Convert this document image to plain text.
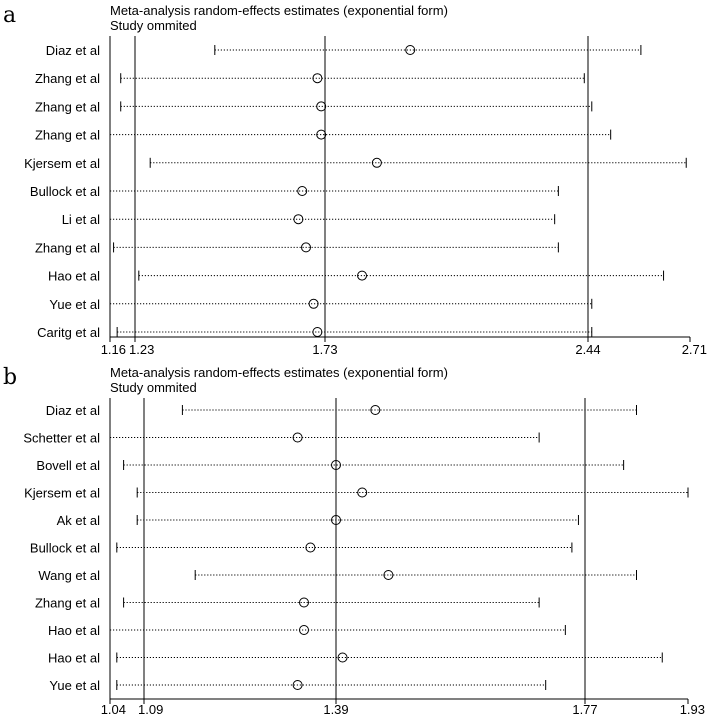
a	Meta-analysis random-effects estimates (exponential form)
Study ommited
1.16 1.23	1.73	2.44	2.71
Diaz et al
Zhang et al
Zhang et al
Zhang et al
Kjersem et al
Bullock et al
Li et al
Zhang et al
Hao et al
Yue et al
Caritg et al
b	Meta-analysis random-effects estimates (exponential form)
Study ommited
1.04 1.09	1.39	1.77	1.93
Diaz et al
Schetter et al
Bovell et al
Kjersem et al
Ak et al
Bullock et al
Wang et al
Zhang et al
Hao et al
Hao et al
Yue et al
